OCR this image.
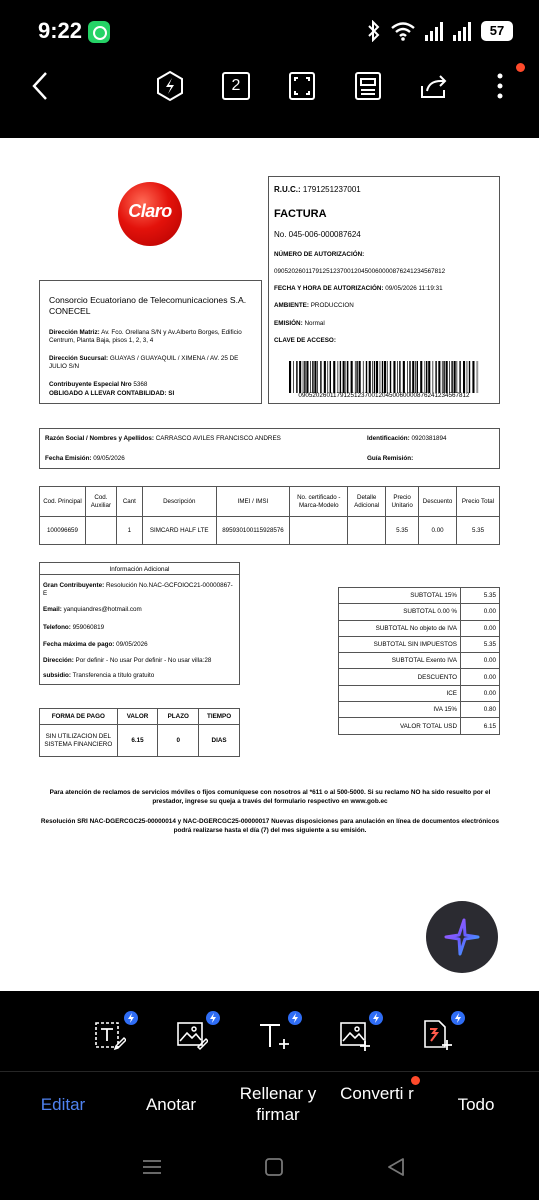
9:22	57
2
Claro
R.U.C.: 1791251237001
FACTURA
No. 045-006-000087624
NÚMERO DE AUTORIZACIÓN:
0905202601179125123700120450060000876241234567812
FECHA Y HORA DE AUTORIZACIÓN: 09/05/2026 11:19:31
AMBIENTE: PRODUCCION
EMISIÓN: Normal
CLAVE DE ACCESO:
0905202601179125123700120450060000876241234567812
Consorcio Ecuatoriano de Telecomunicaciones S.A. CONECEL
Dirección Matriz: Av. Fco. Orellana S/N y Av.Alberto Borges, Edificio Centrum, Planta Baja, pisos 1, 2, 3, 4
Dirección Sucursal: GUAYAS / GUAYAQUIL / XIMENA / AV. 25 DE JULIO S/N
Contribuyente Especial Nro 5368
OBLIGADO A LLEVAR CONTABILIDAD: SI
Razón Social / Nombres y Apellidos: CARRASCO AVILES FRANCISCO ANDRES	Identificación: 0920381894
Fecha Emisión: 09/05/2026	Guía Remisión:
Cod. Principal	Cod. Auxiliar	Cant	Descripción	IMEI / IMSI	No. certificado - Marca-Modelo	Detalle Adicional	Precio Unitario	Descuento	Precio Total
100096659		1	SIMCARD HALF LTE	895930100115928576			5.35	0.00	5.35
Información Adicional
Gran Contribuyente: Resolución No.NAC-GCFOIOC21-00000867-E
Email: yanquiandres@hotmail.com
Telefono: 959060819
Fecha máxima de pago: 09/05/2026
Dirección: Por definir - No usar Por definir - No usar villa:28
subsidio: Transferencia a título gratuito
SUBTOTAL 15%	5.35
SUBTOTAL 0.00 %	0.00
SUBTOTAL No objeto de IVA	0.00
SUBTOTAL SIN IMPUESTOS	5.35
SUBTOTAL Exento IVA	0.00
DESCUENTO	0.00
ICE	0.00
IVA 15%	0.80
VALOR TOTAL USD	6.15
FORMA DE PAGO	VALOR	PLAZO	TIEMPO
SIN UTILIZACION DEL SISTEMA FINANCIERO	6.15	0	DIAS
Para atención de reclamos de servicios móviles o fijos comuníquese con nosotros al *611 o al 500-5000. Si su reclamo NO ha sido resuelto por el prestador, ingrese su queja a través del formulario respectivo en www.gob.ec
Resolución SRI NAC-DGERCGC25-00000014 y NAC-DGERCGC25-00000017 Nuevas disposiciones para anulación en línea de documentos electrónicos podrá realizarse hasta el día (7) del mes siguiente a su emisión.
Editar	Anotar
Rellenar y firmar
Converti r
Todo
